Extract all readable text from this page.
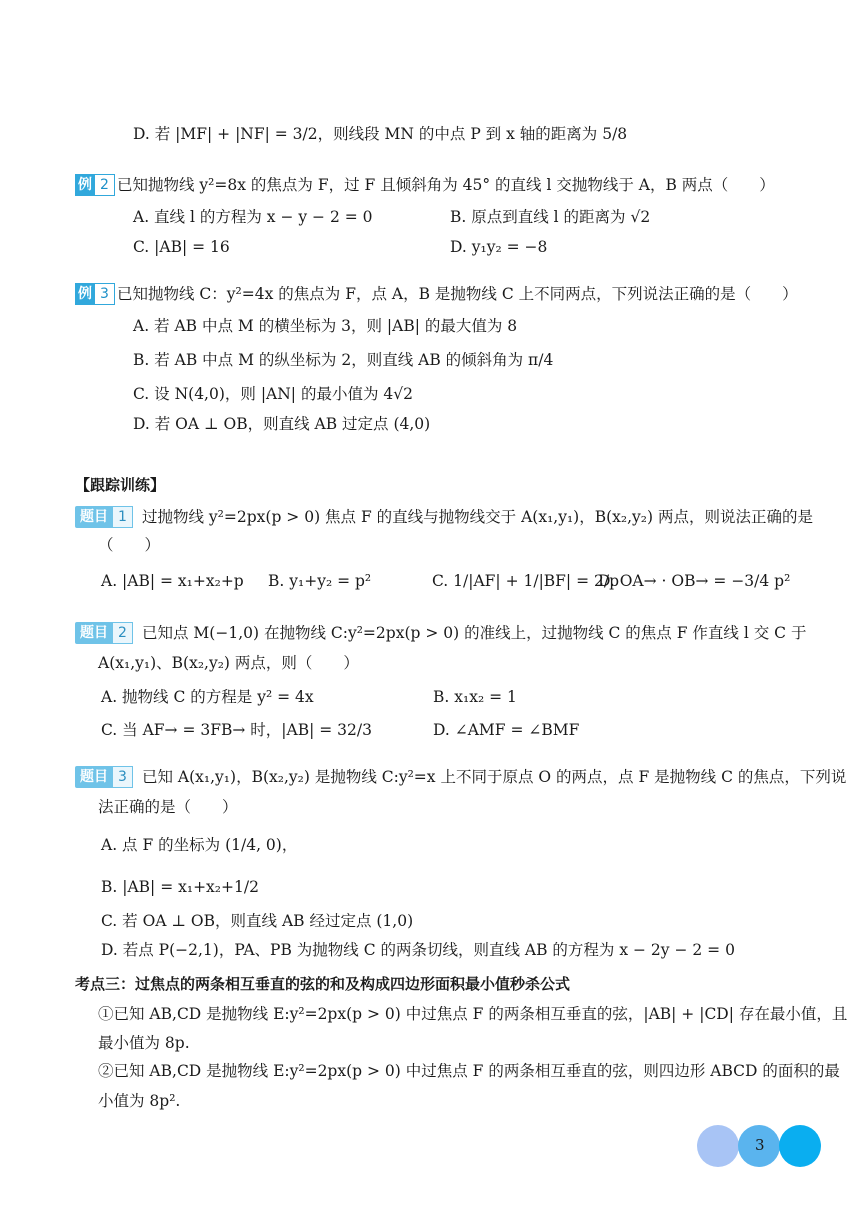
D. 若 |MF| + |NF| = 3/2，则线段 MN 的中点 P 到 x 轴的距离为 5/8
例 2 已知抛物线 y²=8x 的焦点为 F，过 F 且倾斜角为 45° 的直线 l 交抛物线于 A，B 两点（　　）
A. 直线 l 的方程为 x − y − 2 = 0	B. 原点到直线 l 的距离为 √2
C. |AB| = 16	D. y₁y₂ = −8
例 3 已知抛物线 C：y²=4x 的焦点为 F，点 A，B 是抛物线 C 上不同两点，下列说法正确的是（　　）
A. 若 AB 中点 M 的横坐标为 3，则 |AB| 的最大值为 8
B. 若 AB 中点 M 的纵坐标为 2，则直线 AB 的倾斜角为 π/4
C. 设 N(4,0)，则 |AN| 的最小值为 4√2
D. 若 OA ⊥ OB，则直线 AB 过定点 (4,0)
【跟踪训练】
题目 1 过抛物线 y²=2px(p > 0) 焦点 F 的直线与抛物线交于 A(x₁,y₁)，B(x₂,y₂) 两点，则说法正确的是
（　　）
A. |AB| = x₁+x₂+p B. y₁+y₂ = p²	C. 1/|AF| + 1/|BF| = 2/p
D. OA→ · OB→ = −3/4 p²
题目 2 已知点 M(−1,0) 在抛物线 C:y²=2px(p > 0) 的准线上，过抛物线 C 的焦点 F 作直线 l 交 C 于
A(x₁,y₁)、B(x₂,y₂) 两点，则（　　）
A. 抛物线 C 的方程是 y² = 4x	B. x₁x₂ = 1
C. 当 AF→ = 3FB→ 时，|AB| = 32/3	D. ∠AMF = ∠BMF
题目 3 已知 A(x₁,y₁)，B(x₂,y₂) 是抛物线 C:y²=x 上不同于原点 O 的两点，点 F 是抛物线 C 的焦点，下列说
法正确的是（　　）
A. 点 F 的坐标为 (1/4, 0)，
B. |AB| = x₁+x₂+1/2
C. 若 OA ⊥ OB，则直线 AB 经过定点 (1,0)
D. 若点 P(−2,1)，PA、PB 为抛物线 C 的两条切线，则直线 AB 的方程为 x − 2y − 2 = 0
考点三：过焦点的两条相互垂直的弦的和及构成四边形面积最小值秒杀公式
①已知 AB,CD 是抛物线 E:y²=2px(p > 0) 中过焦点 F 的两条相互垂直的弦，|AB| + |CD| 存在最小值，且
最小值为 8p.
②已知 AB,CD 是抛物线 E:y²=2px(p > 0) 中过焦点 F 的两条相互垂直的弦，则四边形 ABCD 的面积的最
小值为 8p².
3
